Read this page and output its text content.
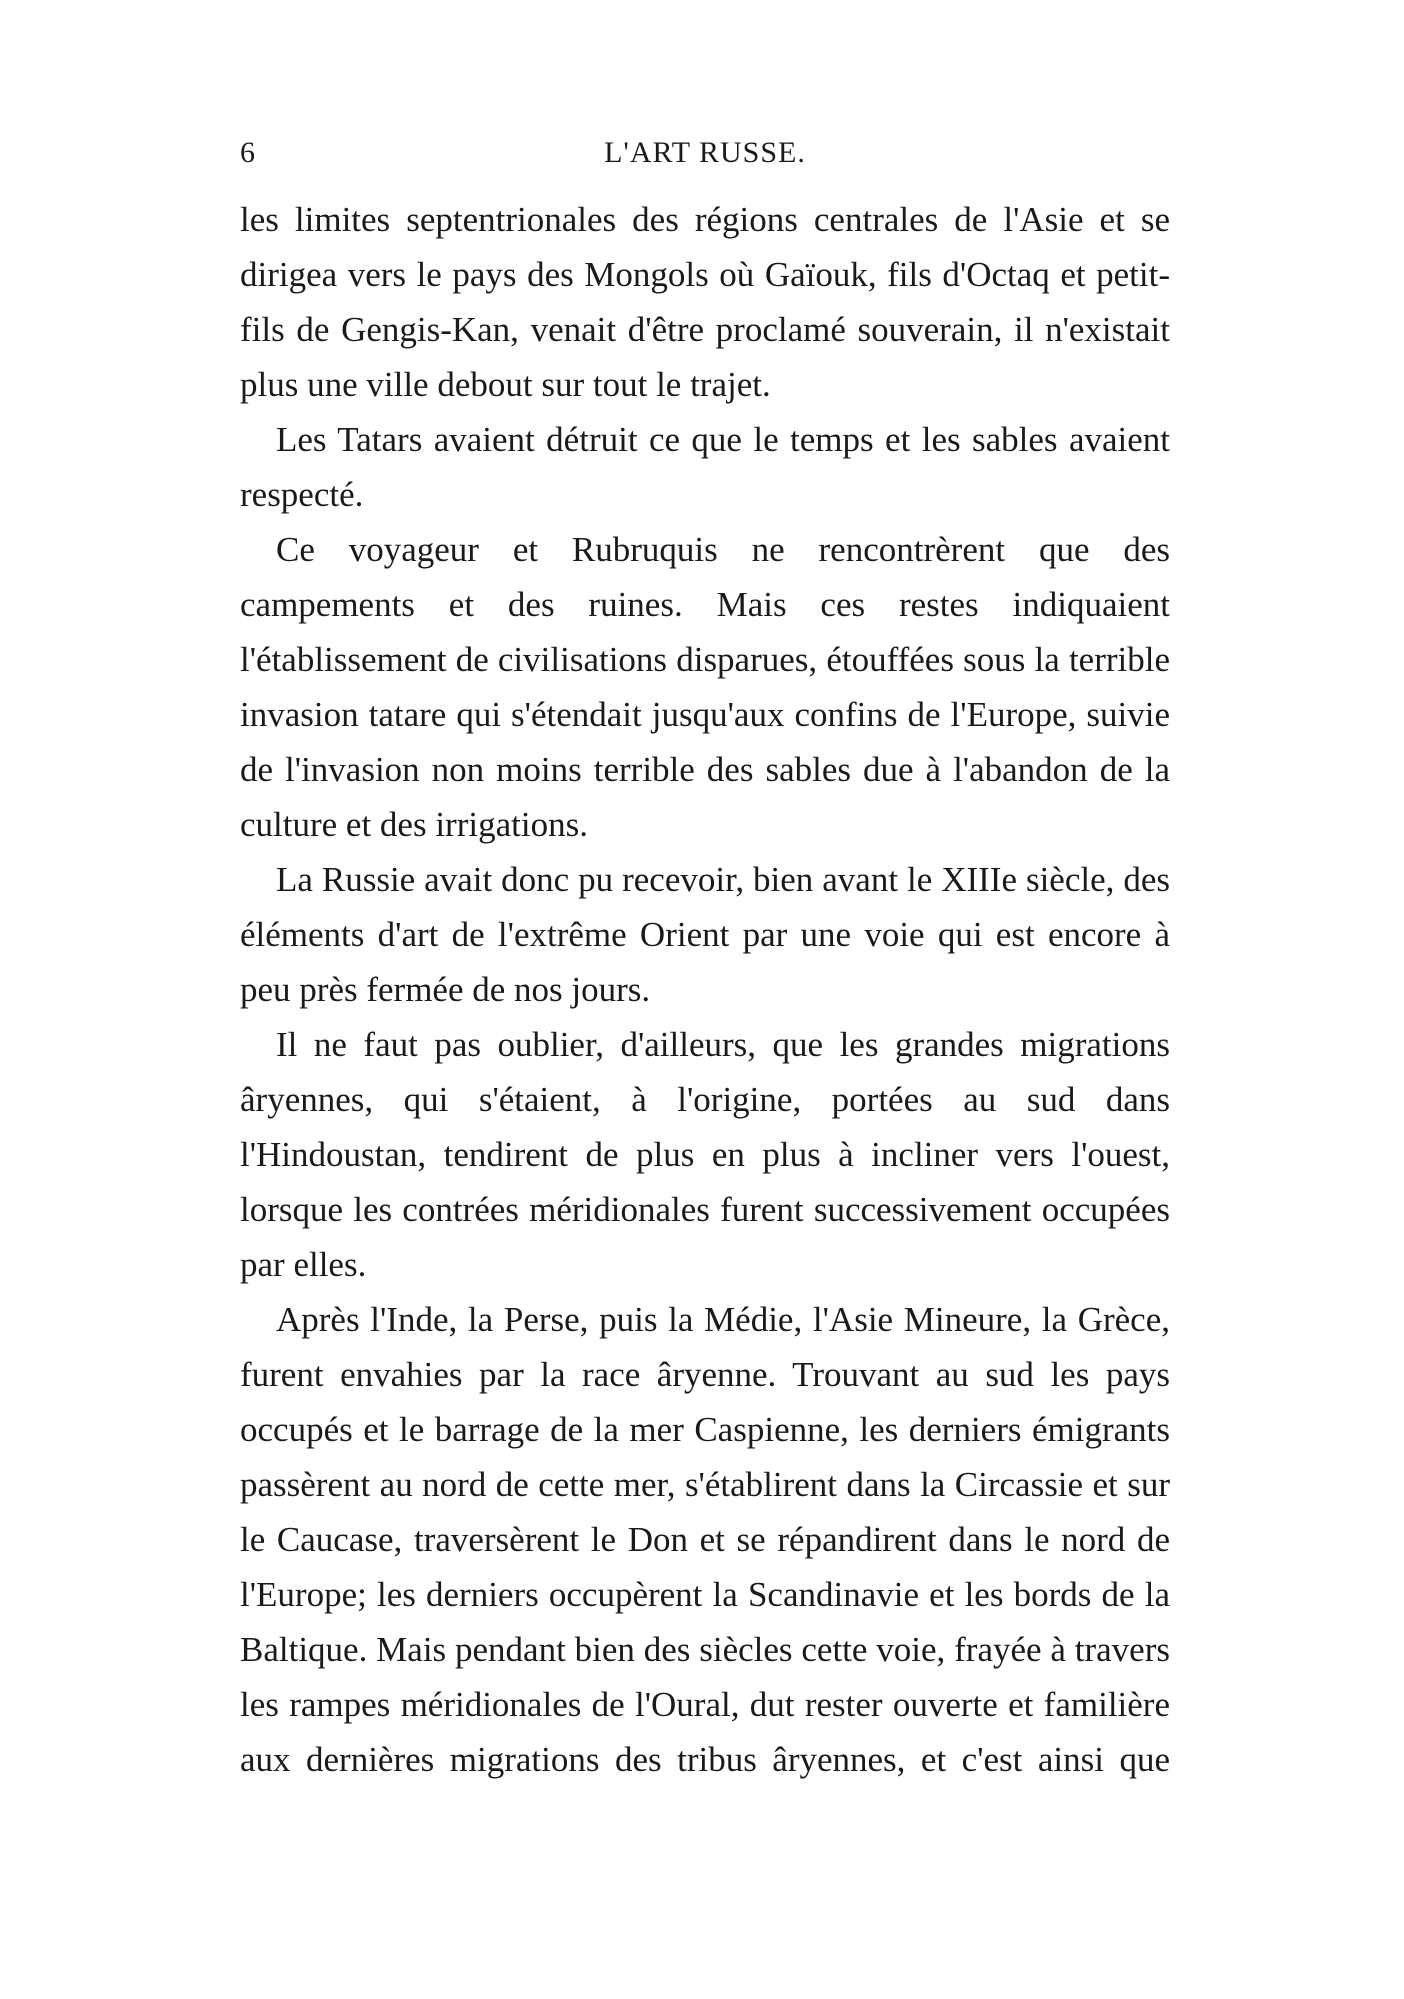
6	L'ART RUSSE.

les limites septentrionales des régions centrales de l'Asie et se dirigea vers le pays des Mongols où Gaïouk, fils d'Octaq et petit-fils de Gengis-Kan, venait d'être proclamé souverain, il n'existait plus une ville debout sur tout le trajet.

Les Tatars avaient détruit ce que le temps et les sables avaient respecté.

Ce voyageur et Rubruquis ne rencontrèrent que des campements et des ruines. Mais ces restes indiquaient l'établissement de civilisations disparues, étouffées sous la terrible invasion tatare qui s'étendait jusqu'aux confins de l'Europe, suivie de l'invasion non moins terrible des sables due à l'abandon de la culture et des irrigations.

La Russie avait donc pu recevoir, bien avant le XIIIe siècle, des éléments d'art de l'extrême Orient par une voie qui est encore à peu près fermée de nos jours.

Il ne faut pas oublier, d'ailleurs, que les grandes migrations âryennes, qui s'étaient, à l'origine, portées au sud dans l'Hindoustan, tendirent de plus en plus à incliner vers l'ouest, lorsque les contrées méridionales furent successivement occupées par elles.

Après l'Inde, la Perse, puis la Médie, l'Asie Mineure, la Grèce, furent envahies par la race âryenne. Trouvant au sud les pays occupés et le barrage de la mer Caspienne, les derniers émigrants passèrent au nord de cette mer, s'établirent dans la Circassie et sur le Caucase, traversèrent le Don et se répandirent dans le nord de l'Europe; les derniers occupèrent la Scandinavie et les bords de la Baltique. Mais pendant bien des siècles cette voie, frayée à travers les rampes méridionales de l'Oural, dut rester ouverte et familière aux dernières migrations des tribus âryennes, et c'est ainsi que
